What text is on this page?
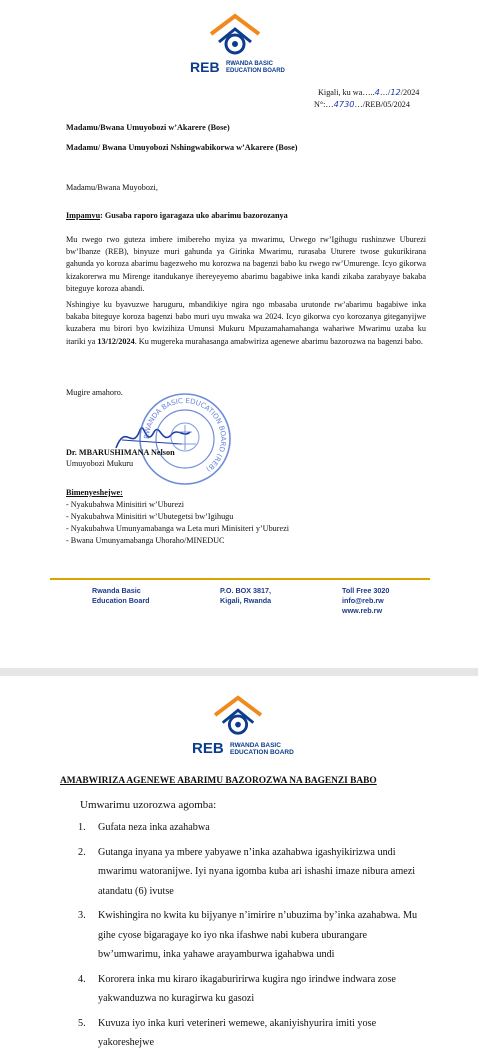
REB RWANDA BASIC
EDUCATION BOARD
Kigali, ku wa…..4…/12/2024
N°:…4730…/REB/05/2024
Madamu/Bwana Umuyobozi w’Akarere (Bose)
Madamu/ Bwana Umuyobozi Nshingwabikorwa w’Akarere (Bose)
Madamu/Bwana Muyobozi,
Impamvu: Gusaba raporo igaragaza uko abarimu bazorozanya
Mu rwego rwo guteza imbere imibereho myiza ya mwarimu, Urwego rw’Igihugu rushinzwe Uburezi bw’Ibanze (REB), binyuze muri gahunda ya Girinka Mwarimu, rurasaba Uturere twose gukurikirana gahunda yo koroza abarimu bagezweho mu korozwa na bagenzi babo ku rwego rw’Umurenge. Icyo gikorwa kizakorerwa mu Mirenge itandukanye ihereyeyemo abarimu bagabiwe inka kandi zikaba zarabyaye bakaba biteguye koroza abandi.
Nshingiye ku byavuzwe haruguru, mbandikiye ngira ngo mbasaba urutonde rw’abarimu bagabiwe inka bakaba biteguye koroza bagenzi babo muri uyu mwaka wa 2024. Icyo gikorwa cyo korozanya giteganyijwe kuzabera mu birori byo kwizihiza Umunsi Mukuru Mpuzamahamahanga wahariwe Mwarimu uzaba ku itariki ya 13/12/2024. Ku mugereka murahasanga amabwiriza agenewe abarimu bazorozwa na bagenzi babo.
Mugire amahoro.
RWANDA BASIC EDUCATION BOARD (REB)
Dr. MBARUSHIMANA Nelson
Umuyobozi Mukuru
Bimenyeshejwe:
- Nyakubahwa Minisitiri w’Uburezi
- Nyakubahwa Minisitiri w’Ubutegetsi bw’Igihugu
- Nyakubahwa Umunyamabanga wa Leta muri Minisiteri y’Uburezi
- Bwana Umunyamabanga Uhoraho/MINEDUC
Rwanda Basic
Education Board
P.O. BOX 3817,
Kigali, Rwanda
Toll Free 3020
info@reb.rw
www.reb.rw
REB RWANDA BASIC
EDUCATION BOARD
AMABWIRIZA AGENEWE ABARIMU BAZOROZWA NA BAGENZI BABO
Umwarimu uzorozwa agomba:
1. Gufata neza inka azahabwa
2. Gutanga inyana ya mbere yabyawe n’inka azahabwa igashyikirizwa undi mwarimu watoranijwe. Iyi nyana igomba kuba ari ishashi imaze nibura amezi atandatu (6) ivutse
3. Kwishingira no kwita ku bijyanye n’imirire n’ubuzima by’inka azahabwa. Mu gihe cyose bigaragaye ko iyo nka ifashwe nabi kubera uburangare bw’umwarimu, inka yahawe arayamburwa igahabwa undi
4. Kororera inka mu kiraro ikagaburirirwa kugira ngo irindwe indwara zose yakwanduzwa no kuragirwa ku gasozi
5. Kuvuza iyo inka kuri veterineri wemewe, akaniyishyurira imiti yose yakoreshejwe
